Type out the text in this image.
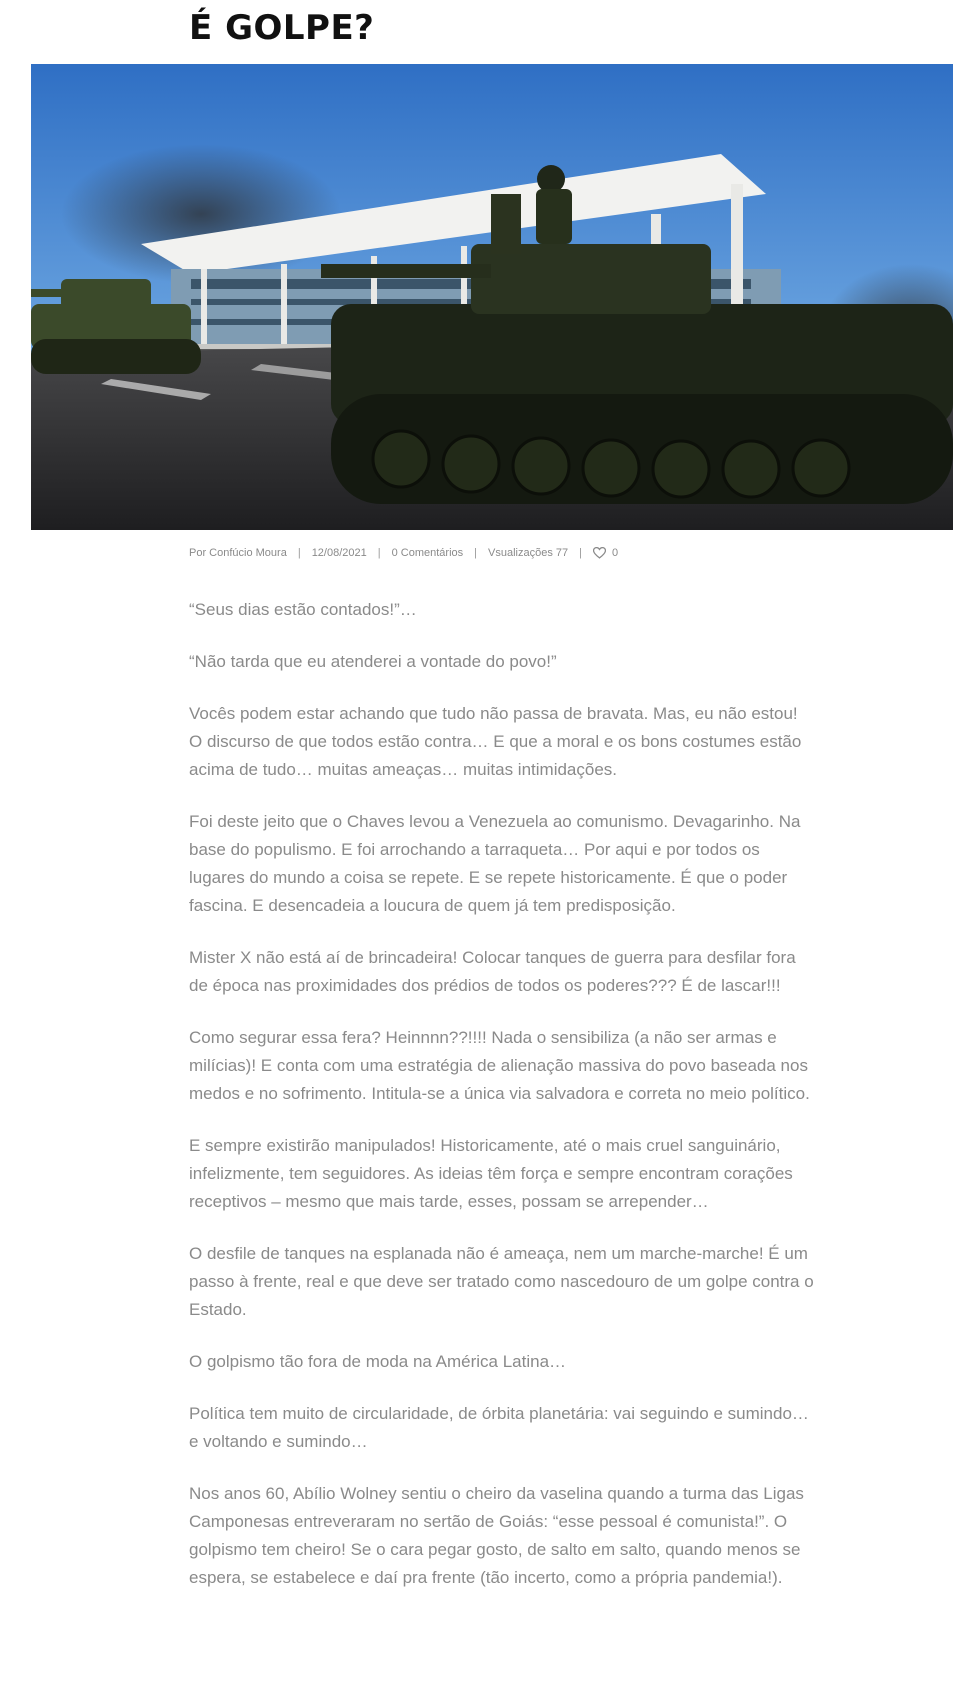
É GOLPE?
Por Confúcio Moura | 12/08/2021 | 0 Comentários | Vsualizações 77 |	0

“Seus dias estão contados!”…

“Não tarda que eu atenderei a vontade do povo!”

Vocês podem estar achando que tudo não passa de bravata. Mas, eu não estou! O discurso de que todos estão contra… E que a moral e os bons costumes estão acima de tudo… muitas ameaças… muitas intimidações.

Foi deste jeito que o Chaves levou a Venezuela ao comunismo. Devagarinho. Na base do populismo. E foi arrochando a tarraqueta… Por aqui e por todos os lugares do mundo a coisa se repete. E se repete historicamente. É que o poder fascina. E desencadeia a loucura de quem já tem predisposição.

Mister X não está aí de brincadeira! Colocar tanques de guerra para desfilar fora de época nas proximidades dos prédios de todos os poderes??? É de lascar!!!

Como segurar essa fera? Heinnnn??!!!! Nada o sensibiliza (a não ser armas e milícias)! E conta com uma estratégia de alienação massiva do povo baseada nos medos e no sofrimento. Intitula-se a única via salvadora e correta no meio político.

E sempre existirão manipulados! Historicamente, até o mais cruel sanguinário, infelizmente, tem seguidores. As ideias têm força e sempre encontram corações receptivos – mesmo que mais tarde, esses, possam se arrepender…

O desfile de tanques na esplanada não é ameaça, nem um marche-marche! É um passo à frente, real e que deve ser tratado como nascedouro de um golpe contra o Estado.

O golpismo tão fora de moda na América Latina…

Política tem muito de circularidade, de órbita planetária: vai seguindo e sumindo… e voltando e sumindo…

Nos anos 60, Abílio Wolney sentiu o cheiro da vaselina quando a turma das Ligas Camponesas entreveraram no sertão de Goiás: “esse pessoal é comunista!”. O golpismo tem cheiro! Se o cara pegar gosto, de salto em salto, quando menos se espera, se estabelece e daí pra frente (tão incerto, como a própria pandemia!).
